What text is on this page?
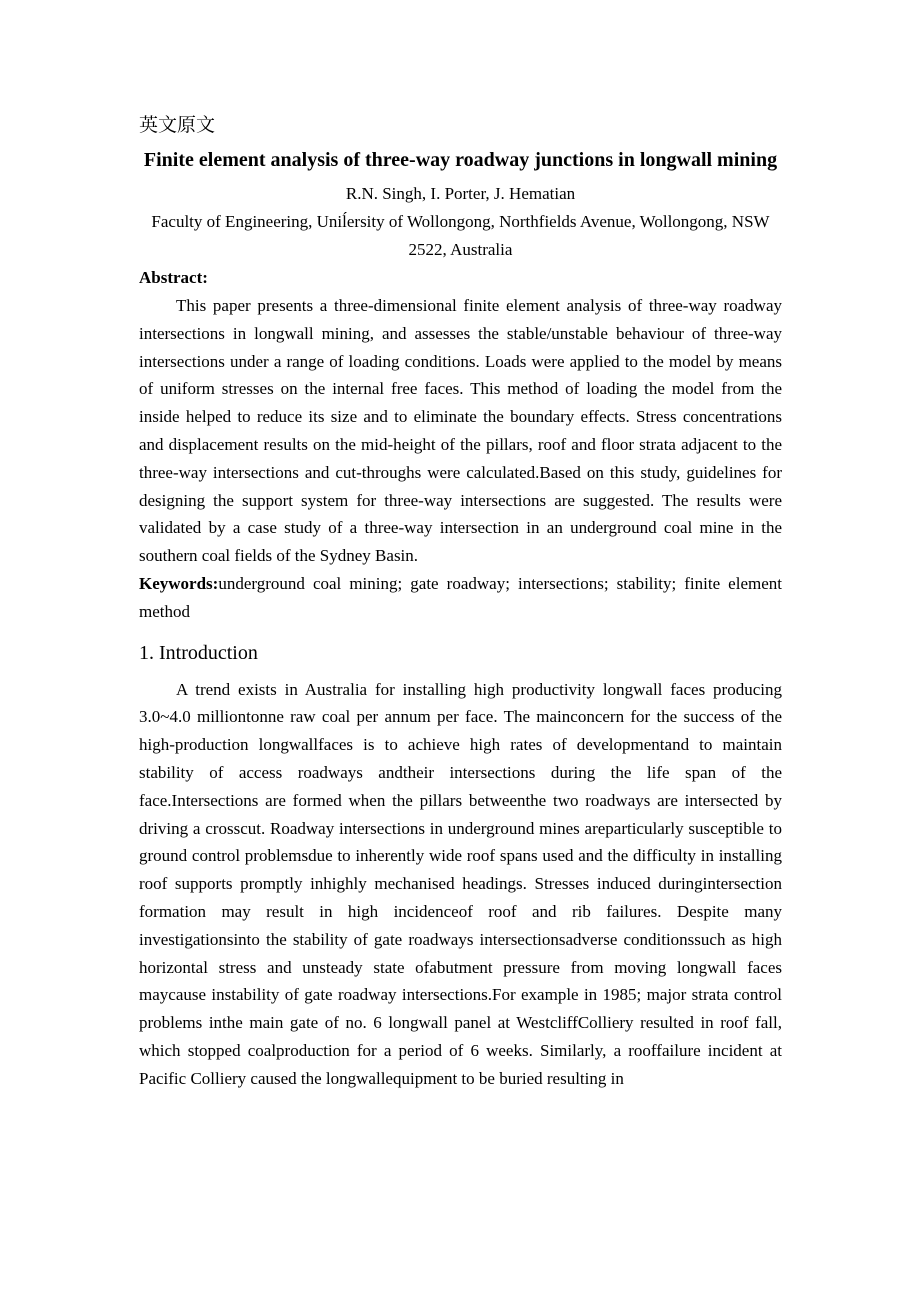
英文原文
Finite element analysis of three-way roadway junctions in longwall mining

R.N. Singh, I. Porter, J. Hematian

Faculty of Engineering, Uniĺersity of Wollongong, Northfields Avenue, Wollongong, NSW 2522, Australia

Abstract:

This paper presents a three-dimensional finite element analysis of three-way roadway intersections in longwall mining, and assesses the stable/unstable behaviour of three-way intersections under a range of loading conditions. Loads were applied to the model by means of uniform stresses on the internal free faces. This method of loading the model from the inside helped to reduce its size and to eliminate the boundary effects. Stress concentrations and displacement results on the mid-height of the pillars, roof and floor strata adjacent to the three-way intersections and cut-throughs were calculated.Based on this study, guidelines for designing the support system for three-way intersections are suggested. The results were validated by a case study of a three-way intersection in an underground coal mine in the southern coal fields of the Sydney Basin.

Keywords:underground coal mining; gate roadway; intersections; stability; finite element method

1. Introduction

A trend exists in Australia for installing high productivity longwall faces producing 3.0~4.0 milliontonne raw coal per annum per face. The mainconcern for the success of the high-production longwallfaces is to achieve high rates of developmentand to maintain stability of access roadways andtheir intersections during the life span of the face.Intersections are formed when the pillars betweenthe two roadways are intersected by driving a crosscut. Roadway intersections in underground mines areparticularly susceptible to ground control problemsdue to inherently wide roof spans used and the difficulty in installing roof supports promptly inhighly mechanised headings. Stresses induced duringintersection formation may result in high incidenceof roof and rib failures. Despite many investigationsinto the stability of gate roadways intersectionsadverse conditionssuch as high horizontal stress and unsteady state ofabutment pressure from moving longwall faces maycause instability of gate roadway intersections.For example in 1985; major strata control problems inthe main gate of no. 6 longwall panel at WestcliffColliery resulted in roof fall, which stopped coalproduction for a period of 6 weeks. Similarly, a rooffailure incident at Pacific Colliery caused the longwallequipment to be buried resulting in
